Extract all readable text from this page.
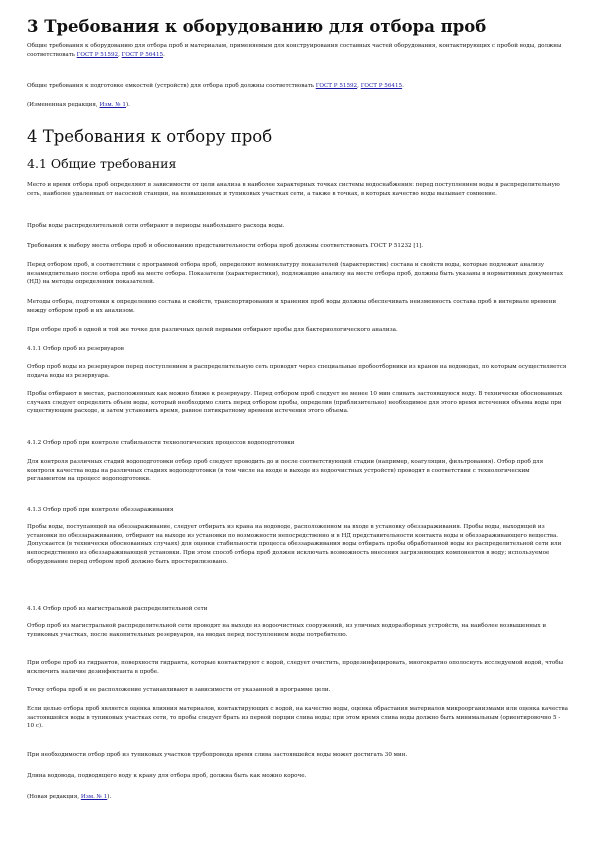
3 Требования к оборудованию для отбора проб

Общие требования к оборудованию для отбора проб и материалам, применяемым для конструирования составных частей оборудования, контактирующих с пробой воды, должны соответствовать ГОСТ Р 51592, ГОСТ Р 56415.

Общие требования к подготовке емкостей (устройств) для отбора проб должны соответствовать ГОСТ Р 51592, ГОСТ Р 56415.

(Измененная редакция, Изм. № 1).

4 Требования к отбору проб
4.1 Общие требования

Место и время отбора проб определяют в зависимости от цели анализа в наиболее характерных точках системы водоснабжения: перед поступлением воды в распределительную сеть, наиболее удаленных от насосной станции, на возвышенных и тупиковых участках сети, а также в точках, в которых качество воды вызывает сомнение.

Пробы воды распределительной сети отбирают в периоды наибольшего расхода воды.

Требования к выбору места отбора проб и обоснованию представительности отбора проб должны соответствовать ГОСТ Р 51232 [1].

Перед отбором проб, в соответствии с программой отбора проб, определяют номенклатуру показателей (характеристик) состава и свойств воды, которые подлежат анализу незамедлительно после отбора проб на месте отбора. Показатели (характеристики), подлежащие анализу на месте отбора проб, должны быть указаны в нормативных документах (НД) на методы определения показателей.

Методы отбора, подготовки к определению состава и свойств, транспортирования и хранения проб воды должны обеспечивать неизменность состава проб в интервале времени между отбором проб и их анализом.

При отборе проб в одной и той же точке для различных целей первыми отбирают пробы для бактериологического анализа.

4.1.1 Отбор проб из резервуаров

Отбор проб воды из резервуаров перед поступлением в распределительную сеть проводят через специальные пробоотборники из кранов на водоводах, по которым осуществляется подача воды из резервуара.

Пробы отбирают в местах, расположенных как можно ближе к резервуару. Перед отбором проб следует не менее 10 мин сливать застоявшуюся воду. В технически обоснованных случаях следует определить объем воды, который необходимо слить перед отбором пробы, определив (приблизительно) необходимое для этого время истечения объема воды при существующем расходе, и затем установить время, равное пятикратному времени истечения этого объема.

4.1.2 Отбор проб при контроле стабильности технологических процессов водоподготовки

Для контроля различных стадий водоподготовки отбор проб следует проводить до и после соответствующей стадии (например, коагуляции, фильтрования). Отбор проб для контроля качества воды на различных стадиях водоподготовки (в том числе на входе и выходе из водоочистных устройств) проводят в соответствии с технологическим регламентом на процесс водоподготовки.

4.1.3 Отбор проб при контроле обеззараживания

Пробы воды, поступающей на обеззараживание, следует отбирать из крана на водоводе, расположенном на входе в установку обеззараживания. Пробы воды, выходящей из установки по обеззараживанию, отбирают на выходе из установки по возможности непосредственно и в НД представительности контакта воды и обеззараживающего вещества. Допускается (в технически обоснованных случаях) для оценки стабильности процесса обеззараживания воды отбирать пробы обработанной воды из распределительной сети или непосредственно из обеззараживающей установки. При этом способ отбора проб должен исключать возможность внесения загрязняющих компонентов в воду; используемое оборудование перед отбором проб должно быть простерилизовано.

4.1.4 Отбор проб из магистральной распределительной сети

Отбор проб из магистральной распределительной сети проводят на выходе из водоочистных сооружений, из уличных водоразборных устройств, на наиболее возвышенных и тупиковых участках, после накопительных резервуаров, на вводах перед поступлением воды потребителю.

При отборе проб из гидрантов, поверхности гидранта, которые контактируют с водой, следует очистить, продезинфицировать, многократно ополоснуть исследуемой водой, чтобы исключить наличие дезинфектанта в пробе.

Точку отбора проб и ее расположение устанавливают в зависимости от указанной в программе цели.

Если целью отбора проб является оценка влияния материалов, контактирующих с водой, на качество воды, оценка обрастания материалов микроорганизмами или оценка качества застоявшейся воды в тупиковых участках сети, то пробы следует брать из первой порции слива воды; при этом время слива воды должно быть минимальным (ориентировочно 5 - 10 с).

При необходимости отбор проб из тупиковых участков трубопровода время слива застоявшейся воды может достигать 30 мин.

Длина водовода, подводящего воду к крану для отбора проб, должна быть как можно короче.

(Новая редакция, Изм. № 1).
